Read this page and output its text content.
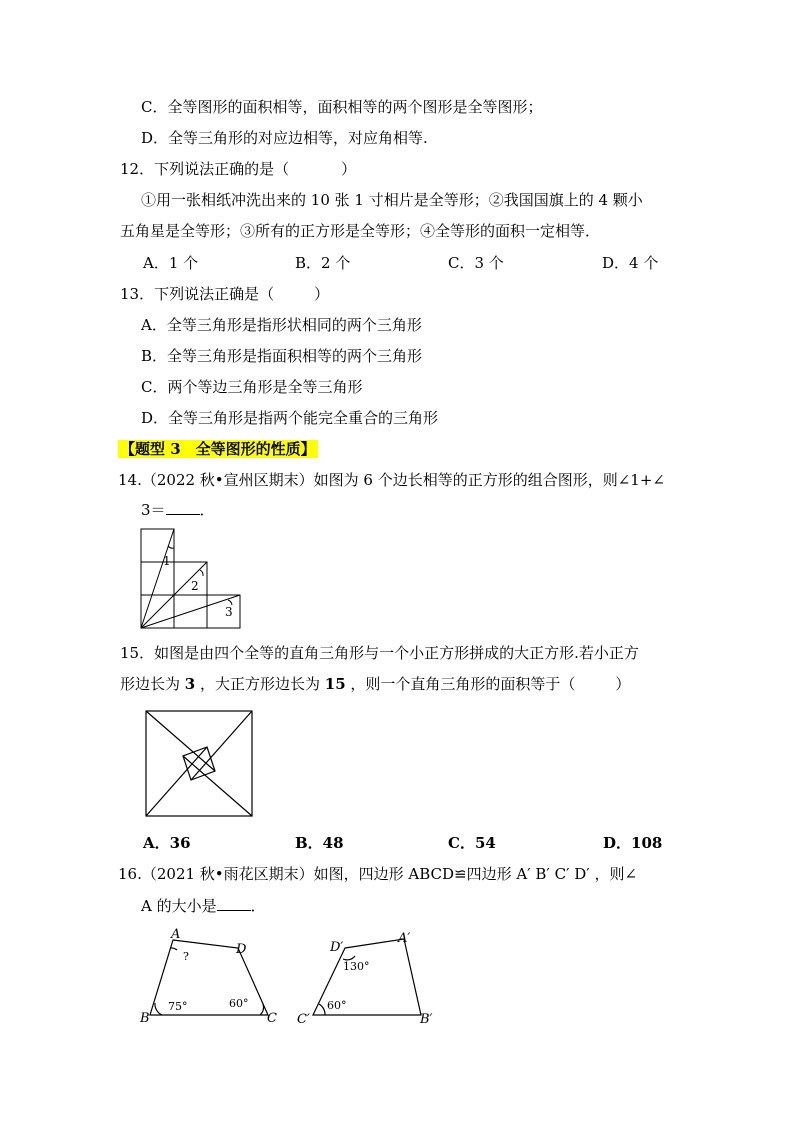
C．全等图形的面积相等，面积相等的两个图形是全等图形；
D．全等三角形的对应边相等，对应角相等.
12．下列说法正确的是（	）
①用一张相纸冲洗出来的 10 张 1 寸相片是全等形；②我国国旗上的 4 颗小
五角星是全等形；③所有的正方形是全等形；④全等形的面积一定相等．
A．1 个	B．2 个	C．3 个	D．4 个
13．下列说法正确是（	）
A．全等三角形是指形状相同的两个三角形
B．全等三角形是指面积相等的两个三角形
C．两个等边三角形是全等三角形
D．全等三角形是指两个能完全重合的三角形
【题型 3　全等图形的性质】
14.（2022 秋•宣州区期末）如图为 6 个边长相等的正方形的组合图形，则∠1+∠
3＝ ．
1
2
3
15．如图是由四个全等的直角三角形与一个小正方形拼成的大正方形.若小正方
形边长为 3 ，大正方形边长为 15 ，则一个直角三角形的面积等于（	）
A．36	B．48	C．54	D．108
16.（2021 秋•雨花区期末）如图，四边形 ABCD≌四边形 A′ B′ C′ D′ ，则∠
A 的大小是 ．
A
D
B	C
?
75°	60°
D′
A′
C′	B′
130°
60°
